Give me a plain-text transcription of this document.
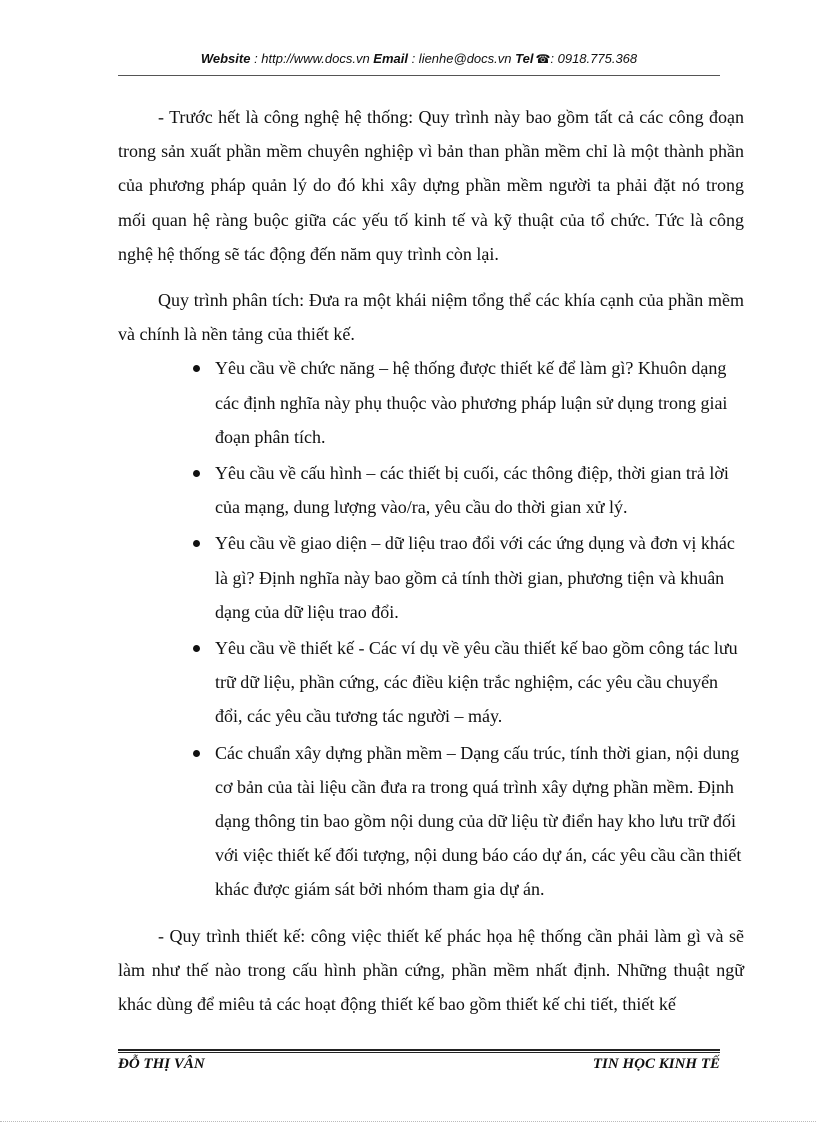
Website : http://www.docs.vn Email : lienhe@docs.vn Tel ☎: 0918.775.368

- Trước hết là công nghệ hệ thống: Quy trình này bao gồm tất cả các công đoạn trong sản xuất phần mềm chuyên nghiệp vì bản than phần mềm chỉ là một thành phần của phương pháp quản lý do đó khi xây dựng phần mềm người ta phải đặt nó trong mối quan hệ ràng buộc giữa các yếu tố kinh tế và kỹ thuật của tổ chức. Tức là công nghệ hệ thống sẽ tác động đến năm quy trình còn lại.

Quy trình phân tích: Đưa ra một khái niệm tổng thể các khía cạnh của phần mềm và chính là nền tảng của thiết kế.

Yêu cầu về chức năng – hệ thống được thiết kế để làm gì? Khuôn dạng các định nghĩa này phụ thuộc vào phương pháp luận sử dụng trong giai đoạn phân tích.
Yêu cầu về cấu hình – các thiết bị cuối, các thông điệp, thời gian trả lời của mạng, dung lượng vào/ra, yêu cầu do thời gian xử lý.
Yêu cầu về giao diện – dữ liệu trao đổi với các ứng dụng và đơn vị khác là gì? Định nghĩa này bao gồm cả tính thời gian, phương tiện và khuân dạng của dữ liệu trao đổi.
Yêu cầu về thiết kế - Các ví dụ về yêu cầu thiết kế bao gồm công tác lưu trữ dữ liệu, phần cứng, các điều kiện trắc nghiệm, các yêu cầu chuyển đổi, các yêu cầu tương tác người – máy.
Các chuẩn xây dựng phần mềm – Dạng cấu trúc, tính thời gian, nội dung cơ bản của tài liệu cần đưa ra trong quá trình xây dựng phần mềm. Định dạng thông tin bao gồm nội dung của dữ liệu từ điển hay kho lưu trữ đối với việc thiết kế đối tượng, nội dung báo cáo dự án, các yêu cầu cần thiết khác được giám sát bởi nhóm tham gia dự án.

- Quy trình thiết kế: công việc thiết kế phác họa hệ thống cần phải làm gì và sẽ làm như thế nào trong cấu hình phần cứng, phần mềm nhất định. Những thuật ngữ khác dùng để miêu tả các hoạt động thiết kế bao gồm thiết kế chi tiết, thiết kế

ĐỖ THỊ VÂN	TIN HỌC KINH TẾ
